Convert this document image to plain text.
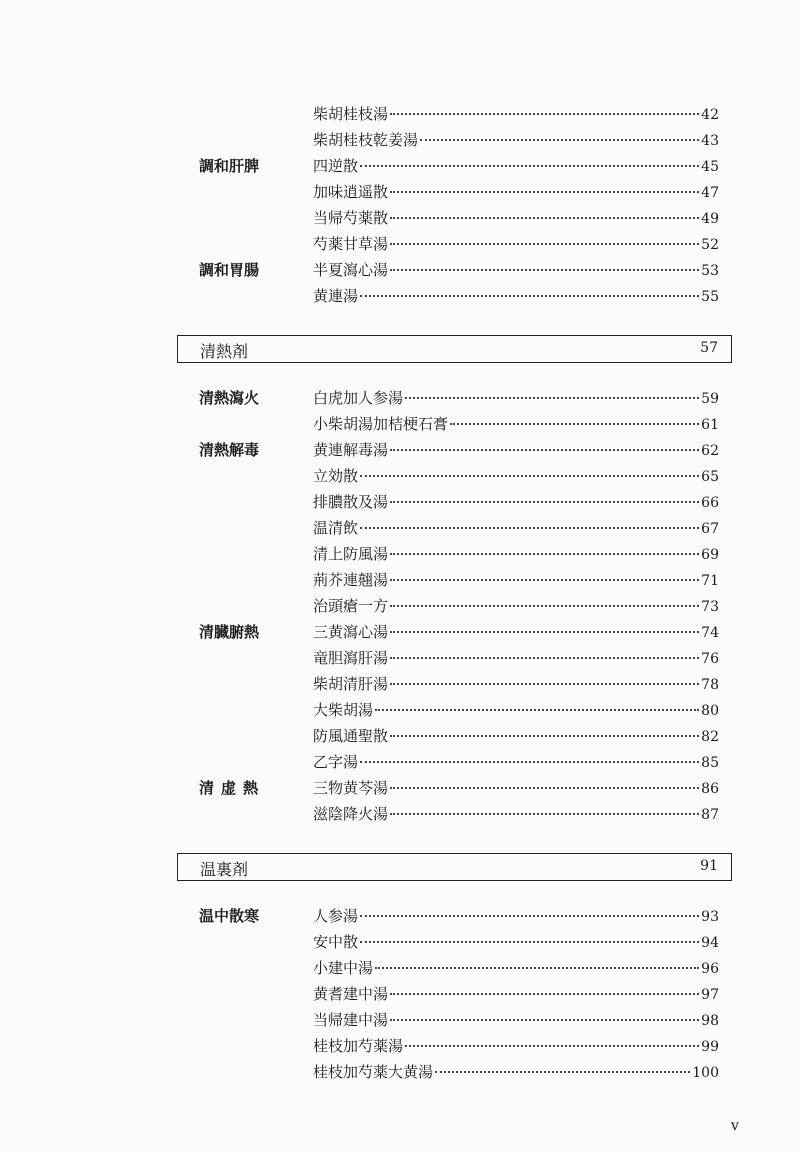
柴胡桂枝湯	42
柴胡桂枝乾姜湯	43
調和肝脾	四逆散	45
加味逍遥散	47
当帰芍薬散	49
芍薬甘草湯	52
調和胃腸	半夏瀉心湯	53
黄連湯	55
清熱剤	57
清熱瀉火	白虎加人参湯	59
小柴胡湯加桔梗石膏	61
清熱解毒	黄連解毒湯	62
立効散	65
排膿散及湯	66
温清飲	67
清上防風湯	69
荊芥連翹湯	71
治頭瘡一方	73
清臓腑熱	三黄瀉心湯	74
竜胆瀉肝湯	76
柴胡清肝湯	78
大柴胡湯	80
防風通聖散	82
乙字湯	85
清虚熱	三物黄芩湯	86
滋陰降火湯	87
温裏剤	91
温中散寒	人参湯	93
安中散	94
小建中湯	96
黄耆建中湯	97
当帰建中湯	98
桂枝加芍薬湯	99
桂枝加芍薬大黄湯	100
v
